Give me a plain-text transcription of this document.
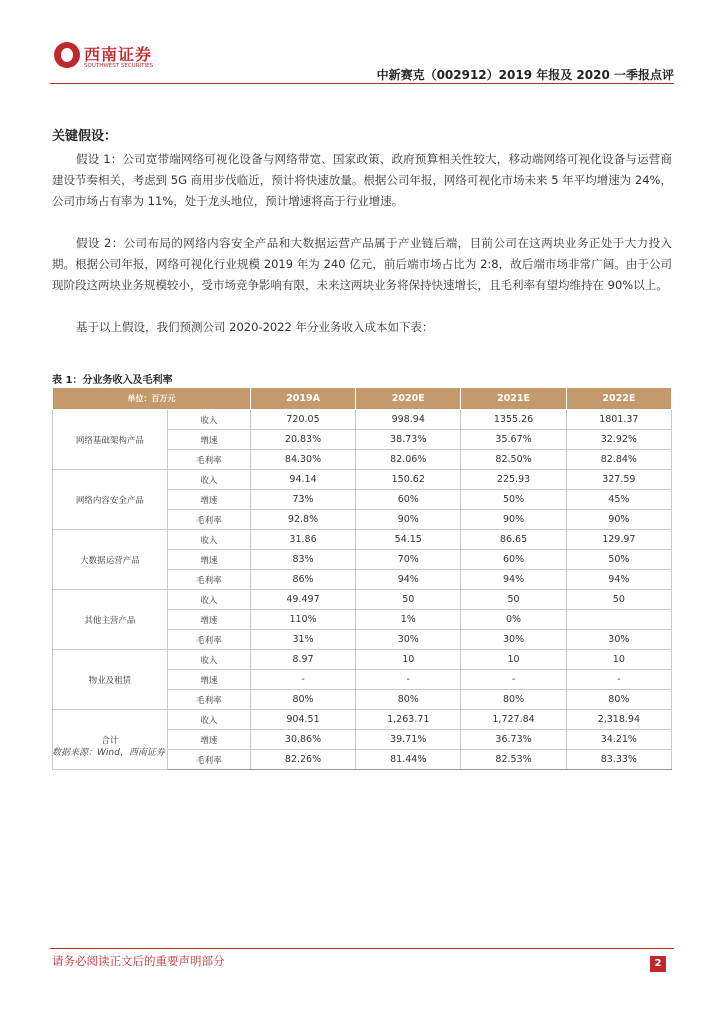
西南证券
SOUTHWEST SECURITIES
中新赛克（002912）2019 年报及 2020 一季报点评
关键假设：
假设 1：公司宽带端网络可视化设备与网络带宽、国家政策、政府预算相关性较大，移动端网络可视化设备与运营商建设节奏相关，考虑到 5G 商用步伐临近，预计将快速放量。根据公司年报，网络可视化市场未来 5 年平均增速为 24%，公司市场占有率为 11%，处于龙头地位，预计增速将高于行业增速。
假设 2：公司布局的网络内容安全产品和大数据运营产品属于产业链后端，目前公司在这两块业务正处于大力投入期。根据公司年报，网络可视化行业规模 2019 年为 240 亿元，前后端市场占比为 2:8，故后端市场非常广阔。由于公司现阶段这两块业务规模较小，受市场竞争影响有限，未来这两块业务将保持快速增长，且毛利率有望均维持在 90%以上。
基于以上假设，我们预测公司 2020-2022 年分业务收入成本如下表：
表 1：分业务收入及毛利率
单位：百万元		2019A	2020E	2021E	2022E
网络基础架构产品	收入	720.05	998.94	1355.26	1801.37
	增速	20.83%	38.73%	35.67%	32.92%
	毛利率	84.30%	82.06%	82.50%	82.84%
网络内容安全产品	收入	94.14	150.62	225.93	327.59
	增速	73%	60%	50%	45%
	毛利率	92.8%	90%	90%	90%
大数据运营产品	收入	31.86	54.15	86.65	129.97
	增速	83%	70%	60%	50%
	毛利率	86%	94%	94%	94%
其他主营产品	收入	49.497	50	50	50
	增速	110%	1%	0%	
	毛利率	31%	30%	30%	30%
物业及租赁	收入	8.97	10	10	10
	增速	-	-	-	-
	毛利率	80%	80%	80%	80%
合计	收入	904.51	1,263.71	1,727.84	2,318.94
	增速	30.86%	39.71%	36.73%	34.21%
	毛利率	82.26%	81.44%	82.53%	83.33%
数据来源：Wind，西南证券
请务必阅读正文后的重要声明部分	2
